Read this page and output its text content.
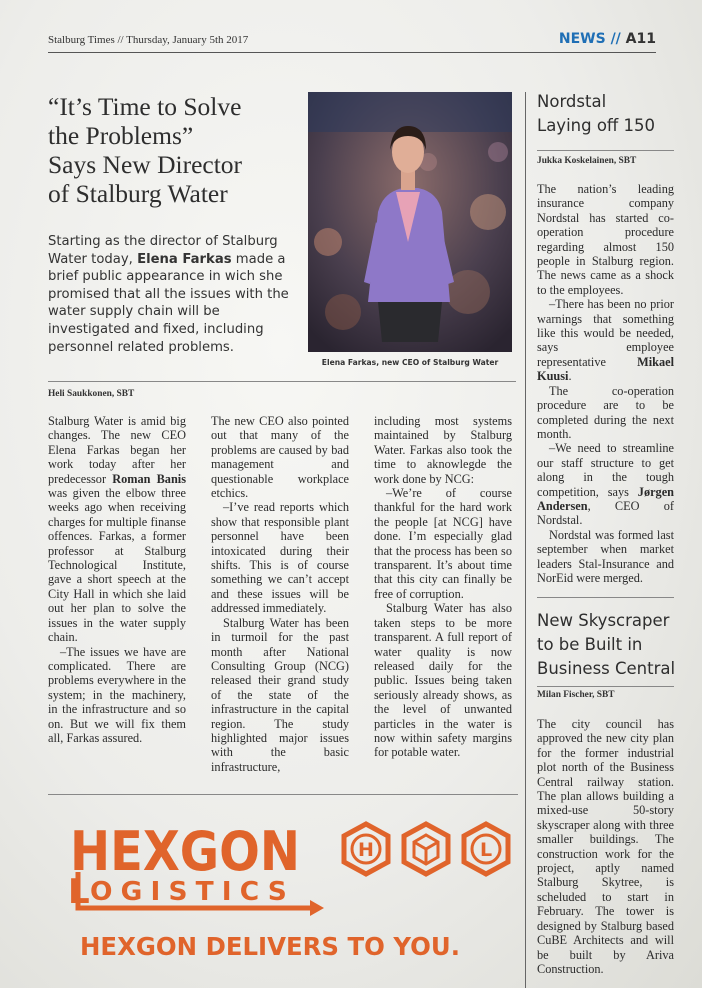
Stalburg Times // Thursday, January 5th 2017	NEWS // A11
“It’s Time to Solve
the Problems”
Says New Director
of Stalburg Water
Starting as the director of Stalburg Water today, Elena Farkas made a brief public appearance in wich she promised that all the issues with the water supply chain will be investigated and fixed, including personnel related problems.
Elena Farkas, new CEO of Stalburg Water
Heli Saukkonen, SBT

Stalburg Water is amid big changes. The new CEO Elena Farkas began her work today after her predecessor Roman Banis was given the elbow three weeks ago when receiving charges for multiple finanse offences. Farkas, a former professor at Stalburg Technological Institute, gave a short speech at the City Hall in which she laid out her plan to solve the issues in the water supply chain.

–The issues we have are complicated. There are problems everywhere in the system; in the machinery, in the infrastructure and so on. But we will fix them all, Farkas assured.

The new CEO also pointed out that many of the problems are caused by bad management and questionable workplace etchics.

–I’ve read reports which show that responsible plant personnel have been intoxicated during their shifts. This is of course something we can’t accept and these issues will be addressed immediately.

Stalburg Water has been in turmoil for the past month after National Consulting Group (NCG) released their grand study of the state of the infrastructure in the capital region. The study highlighted major issues with the basic infrastructure,

including most systems maintained by Stalburg Water. Farkas also took the time to aknowlegde the work done by NCG:

–We’re of course thankful for the hard work the people [at NCG] have done. I’m especially glad that the process has been so transparent. It’s about time that this city can finally be free of corruption.

Stalburg Water has also taken steps to be more transparent. A full report of water quality is now released daily for the public. Issues being taken seriously already shows, as the level of unwanted particles in the water is now within safety margins for potable water.

Nordstal
Laying off 150
Jukka Koskelainen, SBT

The nation’s leading insurance company Nordstal has started co-operation procedure regarding almost 150 people in Stalburg region. The news came as a shock to the employees.

–There has been no prior warnings that something like this would be needed, says employee representative Mikael Kuusi.

The co-operation procedure are to be completed during the next month.

–We need to streamline our staff structure to get along in the tough competition, says Jørgen Andersen, CEO of Nordstal.

Nordstal was formed last september when market leaders Stal-Insurance and NorEid were merged.

New Skyscraper
to be Built in
Business Central
Milan Fischer, SBT

The city council has approved the new city plan for the former industrial plot north of the Business Central railway station. The plan allows building a mixed-use 50-story skyscraper along with three smaller buildings. The construction work for the project, aptly named Stalburg Skytree, is scheluded to start in February. The tower is designed by Stalburg based CuBE Architects and will be built by Ariva Construction.

HEXGON
L OGISTICS
H	L
HEXGON DELIVERS TO YOU.
